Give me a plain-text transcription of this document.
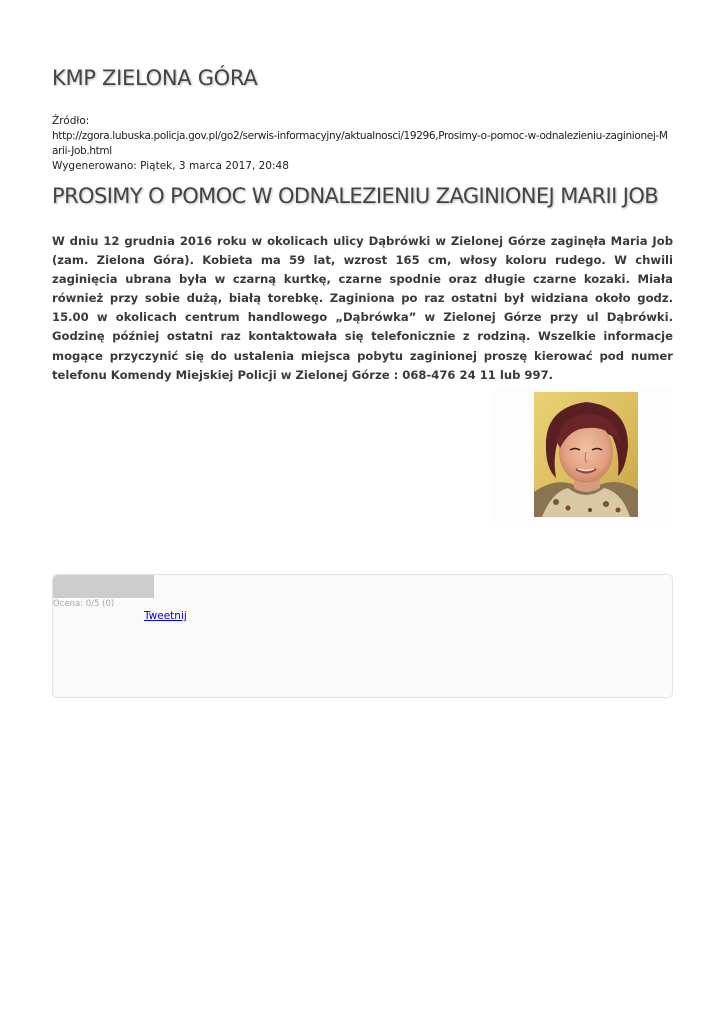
KMP ZIELONA GÓRA
Źródło:
http://zgora.lubuska.policja.gov.pl/go2/serwis-informacyjny/aktualnosci/19296,Prosimy-o-pomoc-w-odnalezieniu-zaginionej-Marii-Job.html
Wygenerowano: Piątek, 3 marca 2017, 20:48
PROSIMY O POMOC W ODNALEZIENIU ZAGINIONEJ MARII JOB

W dniu 12 grudnia 2016 roku w okolicach ulicy Dąbrówki w Zielonej Górze zaginęła Maria Job (zam. Zielona Góra). Kobieta ma 59 lat, wzrost 165 cm, włosy koloru rudego. W chwili zaginięcia ubrana była w czarną kurtkę, czarne spodnie oraz długie czarne kozaki. Miała również przy sobie dużą, białą torebkę. Zaginiona po raz ostatni był widziana około godz. 15.00 w okolicach centrum handlowego „Dąbrówka” w Zielonej Górze przy ul Dąbrówki. Godzinę później ostatni raz kontaktowała się telefonicznie z rodziną. Wszelkie informacje mogące przyczynić się do ustalenia miejsca pobytu zaginionej proszę kierować pod numer telefonu Komendy Miejskiej Policji w Zielonej Górze : 068-476 24 11 lub 997.

Ocena: 0/5 (0)
Tweetnij
